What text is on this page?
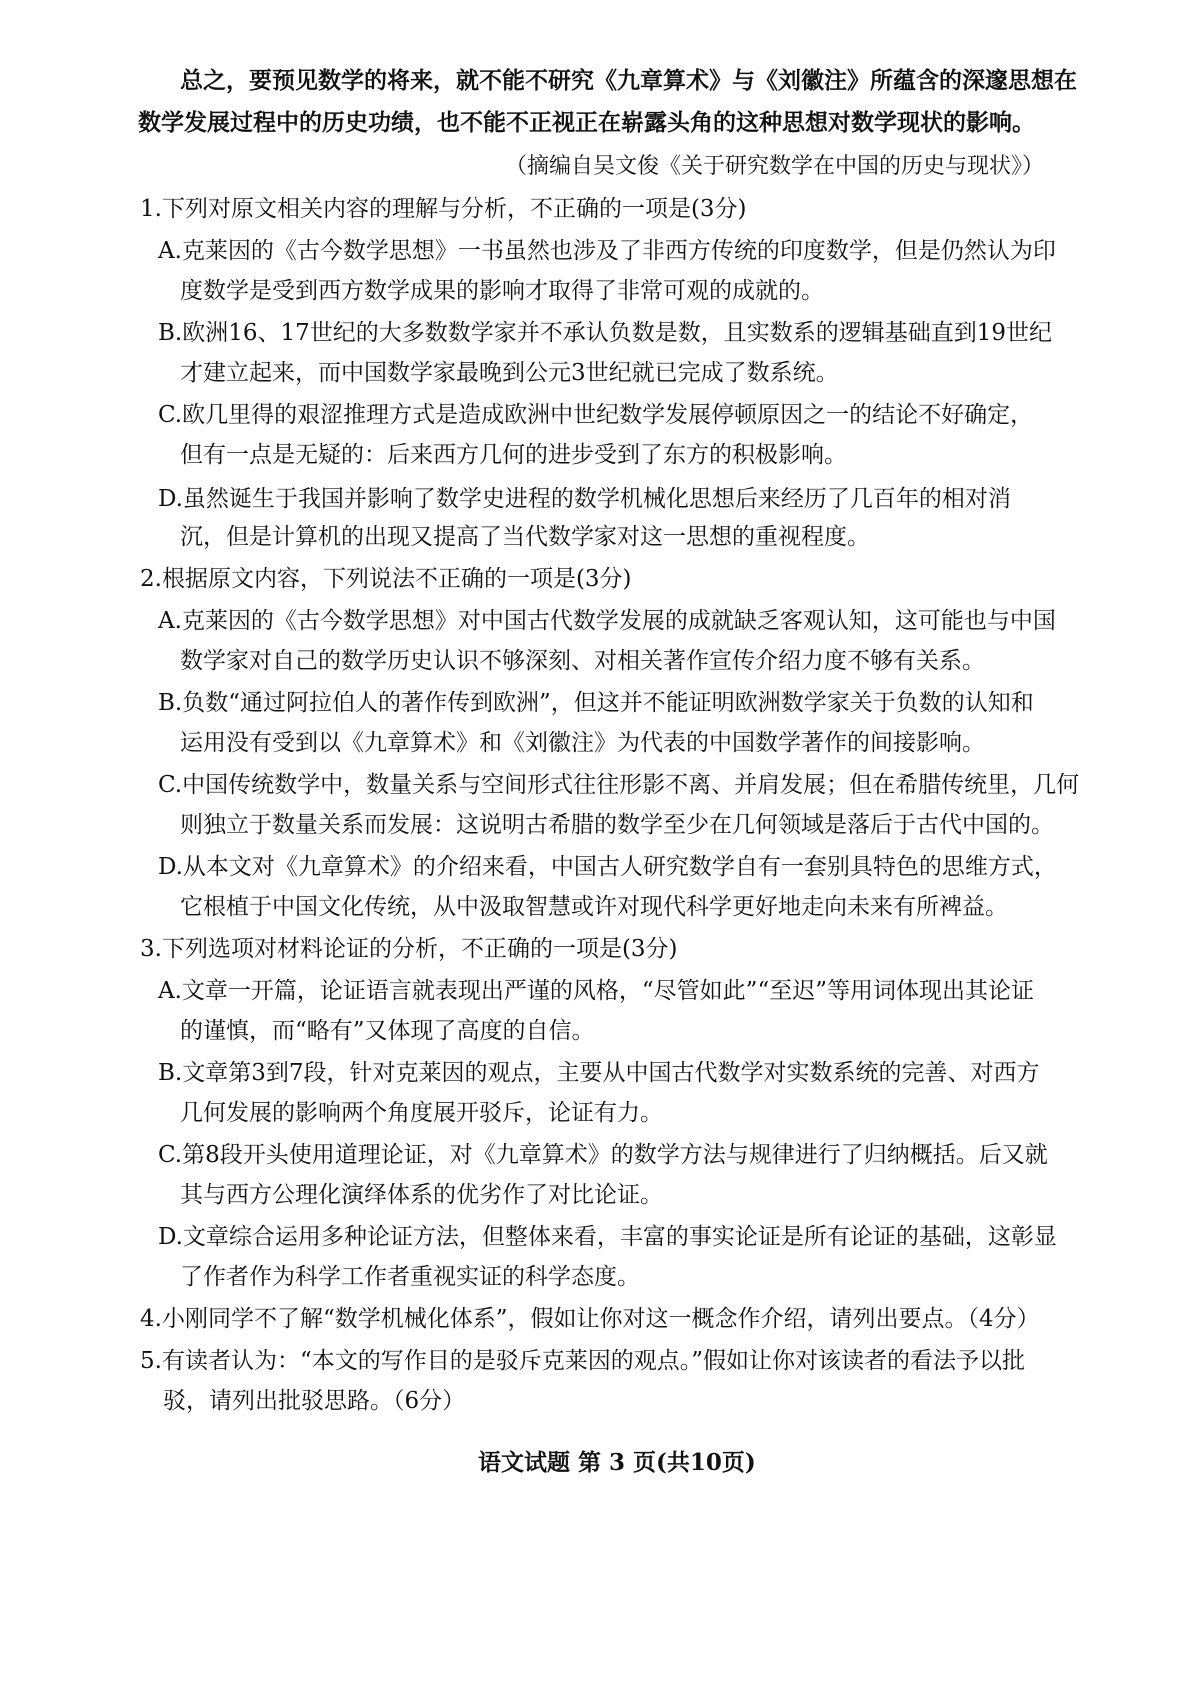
总之，要预见数学的将来，就不能不研究《九章算术》与《刘徽注》所蕴含的深邃思想在
数学发展过程中的历史功绩，也不能不正视正在崭露头角的这种思想对数学现状的影响。
（摘编自吴文俊《关于研究数学在中国的历史与现状》）
1.下列对原文相关内容的理解与分析，不正确的一项是(3分)
A.克莱因的《古今数学思想》一书虽然也涉及了非西方传统的印度数学，但是仍然认为印
度数学是受到西方数学成果的影响才取得了非常可观的成就的。
B.欧洲16、17世纪的大多数数学家并不承认负数是数，且实数系的逻辑基础直到19世纪
才建立起来，而中国数学家最晚到公元3世纪就已完成了数系统。
C.欧几里得的艰涩推理方式是造成欧洲中世纪数学发展停顿原因之一的结论不好确定，
但有一点是无疑的：后来西方几何的进步受到了东方的积极影响。
D.虽然诞生于我国并影响了数学史进程的数学机械化思想后来经历了几百年的相对消
沉，但是计算机的出现又提高了当代数学家对这一思想的重视程度。
2.根据原文内容，下列说法不正确的一项是(3分)
A.克莱因的《古今数学思想》对中国古代数学发展的成就缺乏客观认知，这可能也与中国
数学家对自己的数学历史认识不够深刻、对相关著作宣传介绍力度不够有关系。
B.负数“通过阿拉伯人的著作传到欧洲”，但这并不能证明欧洲数学家关于负数的认知和
运用没有受到以《九章算术》和《刘徽注》为代表的中国数学著作的间接影响。
C.中国传统数学中，数量关系与空间形式往往形影不离、并肩发展；但在希腊传统里，几何
则独立于数量关系而发展：这说明古希腊的数学至少在几何领域是落后于古代中国的。
D.从本文对《九章算术》的介绍来看，中国古人研究数学自有一套别具特色的思维方式，
它根植于中国文化传统，从中汲取智慧或许对现代科学更好地走向未来有所裨益。
3.下列选项对材料论证的分析，不正确的一项是(3分)
A.文章一开篇，论证语言就表现出严谨的风格，“尽管如此”“至迟”等用词体现出其论证
的谨慎，而“略有”又体现了高度的自信。
B.文章第3到7段，针对克莱因的观点，主要从中国古代数学对实数系统的完善、对西方
几何发展的影响两个角度展开驳斥，论证有力。
C.第8段开头使用道理论证，对《九章算术》的数学方法与规律进行了归纳概括。后又就
其与西方公理化演绎体系的优劣作了对比论证。
D.文章综合运用多种论证方法，但整体来看，丰富的事实论证是所有论证的基础，这彰显
了作者作为科学工作者重视实证的科学态度。
4.小刚同学不了解“数学机械化体系”，假如让你对这一概念作介绍，请列出要点。（4分）
5.有读者认为：“本文的写作目的是驳斥克莱因的观点。”假如让你对该读者的看法予以批
驳，请列出批驳思路。（6分）
语文试题 第 3 页(共10页)
